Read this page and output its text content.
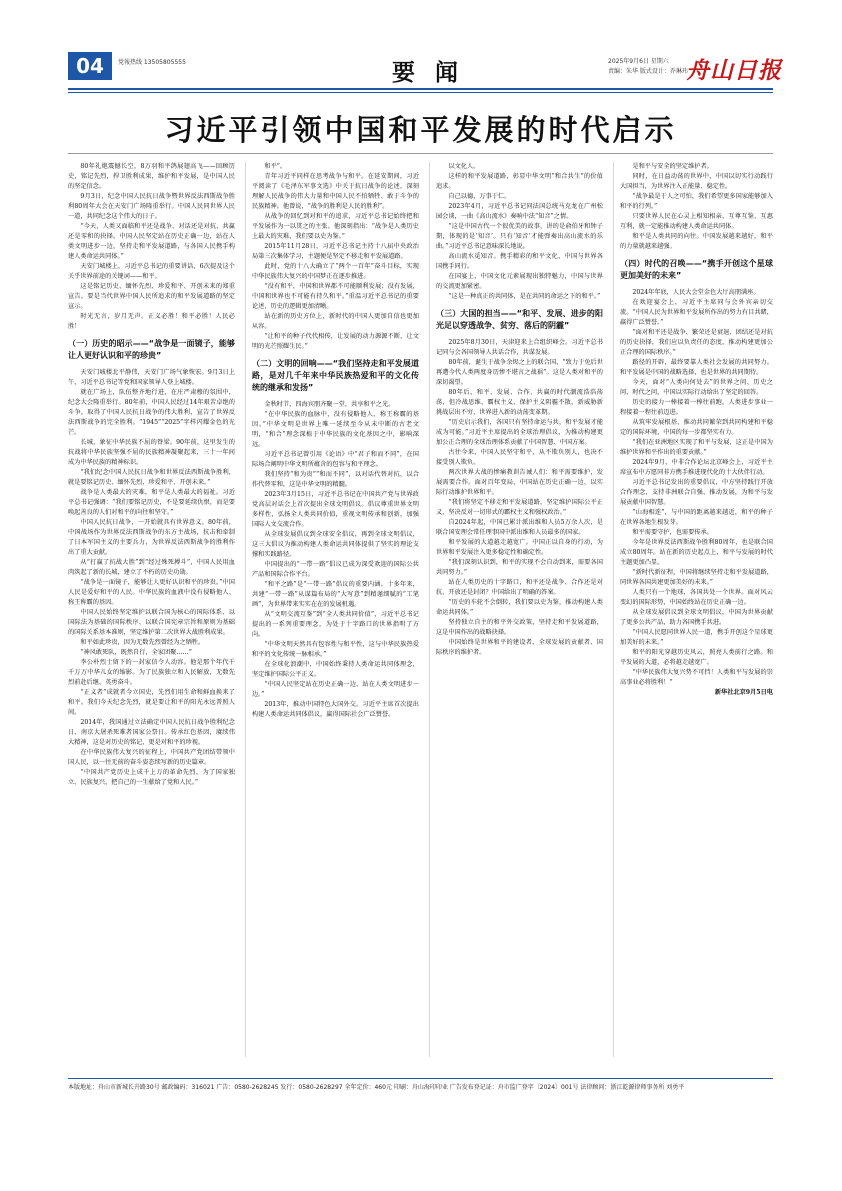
04	党報热线 13505805555	要 闻	2025年9月6日 星期六
责编：朱华 版式设计：乔琳玮
舟山日报
习近平引领中国和平发展的时代启示

80年礼炮震撼长空，8万羽和平鸽展翅高飞——回顾历史，铭记先烈，捍卫胜利成果，维护和平发展，是中国人民的坚定信念。

9月3日，纪念中国人民抗日战争暨世界反法西斯战争胜利80周年大会在天安门广场隆重举行。中国人民同世界人民一道，共同纪念这个伟大的日子。

“今天，人类又面临和平还是战争、对话还是对抗、共赢还是零和的抉择。中国人民坚定站在历史正确一边，站在人类文明进步一边，坚持走和平发展道路，与各国人民携手构建人类命运共同体。”

天安门城楼上，习近平总书记的重要讲话，6次提及这个关乎世界前途的关键词——和平。

这是铭记历史、缅怀先烈、珍爱和平、开创未来的郑重宣告。要是当代世界中国人民所追求的和平发展道路的坚定宣示。

时光无言，岁月无声。正义必胜！和平必胜！人民必胜！

（一）历史的昭示——“战争是一面镜子，能够让人更好认识和平的珍贵”

天安门城楼北平静伟，天安门广场气象恢宏。9月3日上午，习近平总书记等党和国家领导人登上城楼。

就在广场上，队伍整齐地行进，在庄严肃穆的氛围中，纪念大会隆重举行。80年前，中国人民经过14年艰苦卓绝的斗争，取得了中国人民抗日战争的伟大胜利，宣告了世界反法西斯战争的完全胜利。“1945”“2025”字样闪耀金色的光芒。

长城，象征中华民族不屈的脊梁。90年前，这里发生的抗战将中华民族坚强不屈的民族精神凝聚起来，三十一年间成为中华民族的精神标识。

“我们纪念中国人民抗日战争和世界反法西斯战争胜利，就是要铭记历史、缅怀先烈、珍爱和平、开创未来。”

战争是人类最大的灾难，和平是人类最大的福祉。习近平总书记强调：“我们要铭记历史，不是要延续仇恨，而是要唤起善良的人们对和平的向往和坚守。”

中国人民抗日战争，一开始就具有世界意义。80年前，中国战场作为世界反法西斯战争的东方主战场，抗击和牵制了日本军国主义的主要兵力，为世界反法西斯战争的胜利作出了重大贡献。

从“打赢了抗战大胜”到“经过殊死搏斗”，中国人民用血肉筑起了新的长城，建立了不朽的历史功勋。

“战争是一面镜子，能够让人更好认识和平的珍贵。”中国人民是爱好和平的人民。中华民族的血液中没有侵略他人、称王称霸的基因。

中国人民始终坚定维护以联合国为核心的国际体系、以国际法为基础的国际秩序、以联合国宪章宗旨和原则为基础的国际关系基本准则，坚定维护第二次世界大战胜利成果。

和平如此珍贵，因为无数先烈曾经为之牺牲。

“神风敢死队，既然自行，全家团聚……”

李公朴烈士留下的一封家信令人动容。他是那个年代千千万万中华儿女的缩影。为了民族独立和人民解放，无数先烈前赴后继、英勇奋斗。

“正义者”成就者今立国史，先烈们用生命和鲜血换来了和平。我们今天纪念先烈，就是要让和平的阳光永远普照人间。

2014年，我国通过立法确定中国人民抗日战争胜利纪念日、南京大屠杀死难者国家公祭日。传承红色基因，赓续伟大精神，这是对历史的铭记，更是对和平的珍视。

在中华民族伟大复兴的征程上，中国共产党团结带领中国人民，以一往无前的奋斗姿态续写新的历史篇章。

“中国共产党历史上成千上万的革命先烈，为了国家独立、民族复兴，把自己的一生献给了党和人民。”

和平”。

青年习近平同样在思考战争与和平。在延安期间，习近平阅读了《毛泽东军事文选》中关于抗日战争的论述，深刻理解人民战争的伟大力量和中国人民不怕牺牲、敢于斗争的民族精神。他曾说，“战争的胜利是人民的胜利”。

从战争的回忆到对和平的追求，习近平总书记始终把和平发展作为一以贯之的主张。他深刻指出：“战争是人类历史上最大的灾难，我们要以史为鉴。”

2015年11月28日，习近平总书记主持十八届中央政治局第三次集体学习，主题便是坚定不移走和平发展道路。

此时，党的十八大确立了“两个一百年”奋斗目标，实现中华民族伟大复兴的中国梦正在逐步推进。

“没有和平，中国和世界都不可能顺利发展；没有发展，中国和世界也不可能有持久和平。”重温习近平总书记的重要论述，历史的逻辑更加清晰。

站在新的历史方位上，新时代的中国人更加自信也更加从容。

“让和平的种子代代相传，让发展的动力源源不断，让文明的光芒照耀生民。”

（二）文明的回响——“我们坚持走和平发展道路，是对几千年来中华民族热爱和平的文化传统的继承和发扬”

金秋时节，四海宾朋齐聚一堂，共享和平之光。

“在中华民族的血脉中，没有侵略他人、称王称霸的基因。”中华文明是世界上唯一延续至今从未中断的古老文明，“和合”理念深植于中华民族的文化基因之中，影响深远。

习近平总书记曾引用《论语》中“君子和而不同”，在国际场合阐明中华文明所蕴含的包容与和平理念。

我们坚持“和为贵”“和而不同”，以对话代替对抗，以合作代替零和，这是中华文明的精髓。

2023年3月15日，习近平总书记在中国共产党与世界政党高层对话会上首次提出全球文明倡议。倡议尊重世界文明多样性，弘扬全人类共同价值，重视文明传承和创新，加强国际人文交流合作。

从全球发展倡议到全球安全倡议，再到全球文明倡议，这三大倡议为推动构建人类命运共同体提供了坚实的理论支撑和实践路径。

中国提出的“一带一路”倡议已成为深受欢迎的国际公共产品和国际合作平台。

“和平之路”是“一带一路”倡议的重要内涵。十多年来，共建“一带一路”从谋篇布局的“大写意”到精谨细腻的“工笔画”，为世界带来实实在在的发展机遇。

从“文明交流互鉴”到“全人类共同价值”，习近平总书记提出的一系列重要理念，为处于十字路口的世界指明了方向。

“中华文明天然具有包容性与和平性，这与中华民族热爱和平的文化传统一脉相承。”

在全球化浪潮中，中国始终秉持人类命运共同体理念，坚定维护国际公平正义。

“中国人民坚定站在历史正确一边、站在人类文明进步一边。”

2013年，推动中国特色大国外交。习近平主席首次提出构建人类命运共同体倡议，赢得国际社会广泛赞誉。

以文化人。

这样的和平发展道路，彰显中华文明“和合共生”的价值追求。

自己以德，万事于仁。

2023年4月，习近平总书记同法国总统马克龙在广州松园会谈，一曲《高山流水》奏响中法“知音”之情。

“这是中国古代一个很优美的故事，讲的是俞伯牙和钟子期，体现的是‘知音’。只有‘知音’才能弹奏出高山流水的乐曲。”习近平总书记意味深长地说。

高山流水觅知音。携手精彩的和平文化，中国与世界各国携手同行。

在国宴上，中国文化元素展现出独特魅力，中国与世界的交流更加紧密。

“这是一种真正的共同体，是在共同的命运之下的和平。”

（三）大国的担当——“和平、发展、进步的阳光足以穿透战争、贫穷、落后的阴霾”

2025年8月30日，天津迎来上合组织峰会。习近平总书记同与会各国领导人共话合作，共谋发展。

80年前，诞生于战争余烬之上的联合国，“致力于免后世再遭今代人类两度身历惨不堪言之战祸”。这是人类对和平的深切渴望。

80年后，和平、发展、合作、共赢的时代潮流浩浩荡荡，但冷战思维、霸权主义、保护主义阴霾不散，新威胁新挑战层出不穷，世界进入新的动荡变革期。

“历史启示我们，各国只有坚持命运与共，和平发展才能成为可能。”习近平主席提出的全球治理倡议，为推动构建更加公正合理的全球治理体系贡献了中国智慧、中国方案。

古往今来，中国人民坚守和平，从不欺负别人，也决不接受别人欺负。

两次世界大战的惨痛教训告诫人们：和平需要维护，发展需要合作。面对百年变局，中国站在历史正确一边，以实际行动维护世界和平。

“我们将坚定不移走和平发展道路，坚定维护国际公平正义，坚决反对一切形式的霸权主义和强权政治。”

自2024年起，中国已累计派出维和人员5万余人次，是联合国安理会常任理事国中派出维和人员最多的国家。

和平发展的大道越走越宽广。中国正以自身的行动，为世界和平发展注入更多稳定性和确定性。

“我们深刻认识到，和平的实现不会自动到来，需要各国共同努力。”

站在人类历史的十字路口，和平还是战争、合作还是对抗、开放还是封闭？中国给出了明确的答案。

“历史的车轮不会倒转，我们要以史为鉴，推动构建人类命运共同体。”

坚持独立自主的和平外交政策，坚持走和平发展道路，这是中国作出的战略抉择。

中国始终是世界和平的建设者、全球发展的贡献者、国际秩序的维护者。

是和平与安全的坚定维护者。

同时，在日益动荡的世界中，中国以切实行动践行大国担当，为世界注入正能量、稳定性。

“战争最是于人之可怕，我们希望更多国家能够加入和平的行列。”

只要世界人民在心灵上相知相亲、互尊互鉴、互惠互利，就一定能推动构建人类命运共同体。

和平是人类共同的向往。中国发展越来越好，和平的力量就越来越强。

（四）时代的召唤——“携手开创这个星球更加美好的未来”

2024年年底，人民大会堂金色大厅高朋满座。

在欢迎宴会上，习近平主席同与会外宾亲切交流。“中国人民为世界和平发展所作出的努力有目共睹，赢得广泛赞誉。”

“面对和平还是战争、繁荣还是衰退、团结还是对抗的历史抉择，我们应以负责任的态度，推动构建更加公正合理的国际秩序。”

路径的开辟，最终要靠人类社会发展的共同努力。和平发展是中国的战略选择，也是世界的共同期待。

今天，面对“人类向何处去”的世界之问、历史之问、时代之问，中国以实际行动给出了坚定的回答。

历史的接力一棒接着一棒往前跑，人类进步事业一程接着一程往前迈进。

从筑牢发展根基、推动共同繁荣到共同构建和平稳定的国际环境，中国的每一步都坚实有力。

“我们在亚洲地区实现了和平与发展，这正是中国为维护世界和平作出的重要贡献。”

2024年9月，中非合作论坛北京峰会上，习近平主席宣布中方愿同非方携手推进现代化的十大伙伴行动。

习近平总书记发出的重要倡议，中方坚持践行开放合作理念，支持非洲联合自强、推动发展，为和平与发展贡献中国智慧。

“山海相连”，与中国的距离越来越近，和平的种子在世界各地生根发芽。

和平需要守护，也需要传承。

今年是世界反法西斯战争胜利80周年，也是联合国成立80周年。站在新的历史起点上，和平与发展的时代主题更加凸显。

“新时代新征程，中国将继续坚持走和平发展道路，同世界各国共建更加美好的未来。”

人类只有一个地球，各国共处一个世界。面对风云变幻的国际形势，中国始终站在历史正确一边。

从全球发展倡议到全球文明倡议，中国为世界贡献了更多公共产品，助力各国携手共进。

“中国人民愿同世界人民一道，携手开创这个星球更加美好的未来。”

和平的阳光穿越历史风云，照亮人类前行之路。和平发展的大道，必将越走越宽广。

“中华民族伟大复兴势不可挡！人类和平与发展的崇高事业必将胜利！”

新华社北京9月5日电

本版地址：舟山市新城长升路30号 邮政编码：316021 广告：0580-2628245 发行：0580-2628297 全年定价：460元 印刷：舟山海印印业 广告发布登记证：舟市监广登字〔2024〕001号 法律顾问：浙江乾源律师事务所 刘勇平
